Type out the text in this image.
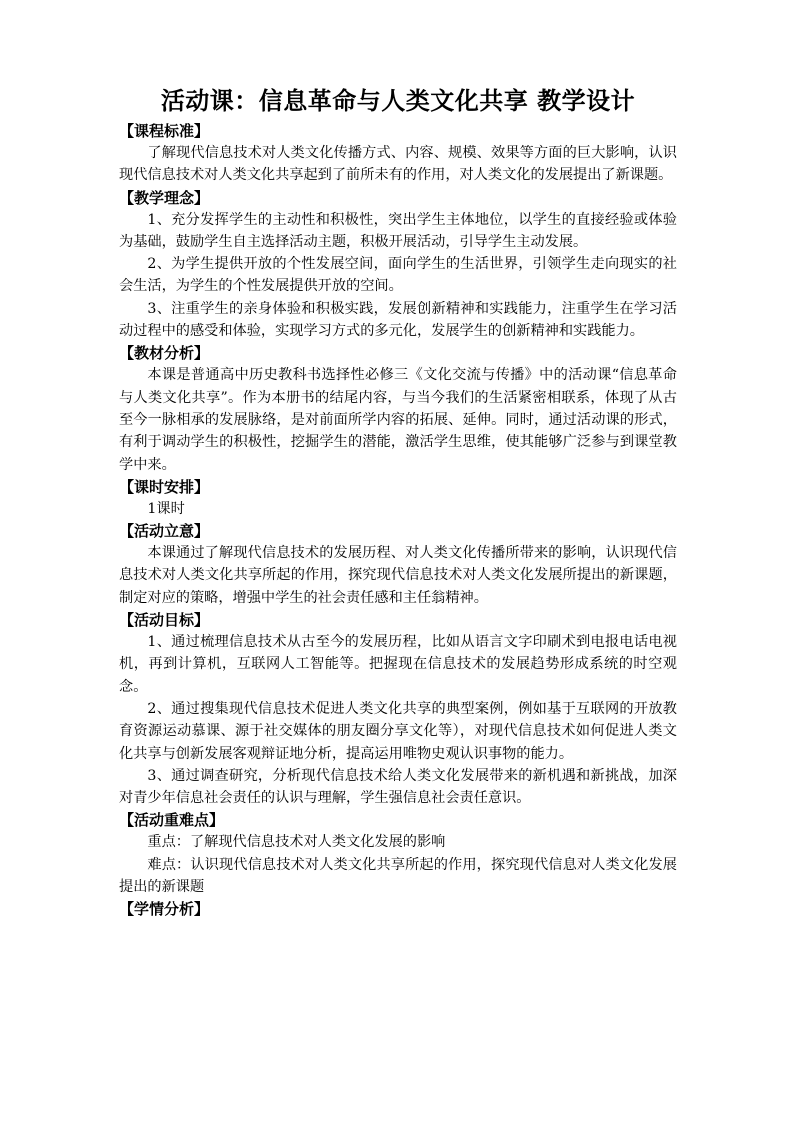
活动课：信息革命与人类文化共享 教学设计
【课程标准】

了解现代信息技术对人类文化传播方式、内容、规模、效果等方面的巨大影响，认识现代信息技术对人类文化共享起到了前所未有的作用，对人类文化的发展提出了新课题。

【教学理念】

1、充分发挥学生的主动性和积极性，突出学生主体地位，以学生的直接经验或体验为基础，鼓励学生自主选择活动主题，积极开展活动，引导学生主动发展。

2、为学生提供开放的个性发展空间，面向学生的生活世界，引领学生走向现实的社会生活，为学生的个性发展提供开放的空间。

3、注重学生的亲身体验和积极实践，发展创新精神和实践能力，注重学生在学习活动过程中的感受和体验，实现学习方式的多元化，发展学生的创新精神和实践能力。

【教材分析】

本课是普通高中历史教科书选择性必修三《文化交流与传播》中的活动课“信息革命与人类文化共享”。作为本册书的结尾内容，与当今我们的生活紧密相联系，体现了从古至今一脉相承的发展脉络，是对前面所学内容的拓展、延伸。同时，通过活动课的形式，有利于调动学生的积极性，挖掘学生的潜能，激活学生思维，使其能够广泛参与到课堂教学中来。

【课时安排】

1课时

【活动立意】

本课通过了解现代信息技术的发展历程、对人类文化传播所带来的影响，认识现代信息技术对人类文化共享所起的作用，探究现代信息技术对人类文化发展所提出的新课题，制定对应的策略，增强中学生的社会责任感和主任翁精神。

【活动目标】

1、通过梳理信息技术从古至今的发展历程，比如从语言文字印刷术到电报电话电视机，再到计算机，互联网人工智能等。把握现在信息技术的发展趋势形成系统的时空观念。

2、通过搜集现代信息技术促进人类文化共享的典型案例，例如基于互联网的开放教育资源运动慕课、源于社交媒体的朋友圈分享文化等），对现代信息技术如何促进人类文化共享与创新发展客观辩证地分析，提高运用唯物史观认识事物的能力。

3、通过调查研究，分析现代信息技术给人类文化发展带来的新机遇和新挑战，加深对青少年信息社会责任的认识与理解，学生强信息社会责任意识。

【活动重难点】

重点：了解现代信息技术对人类文化发展的影响

难点：认识现代信息技术对人类文化共享所起的作用，探究现代信息对人类文化发展提出的新课题

【学情分析】
